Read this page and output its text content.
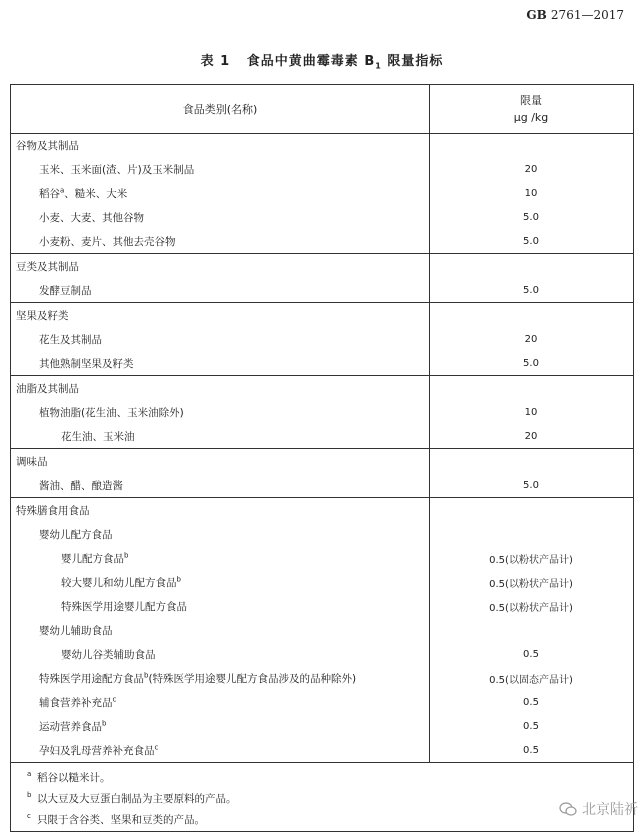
GB 2761—2017
表 1 食品中黄曲霉毒素 $B_1$ 限量指标
食品类别(名称)
限量
μg /kg
谷物及其制品
玉米、玉米面(渣、片)及玉米制品	20
稻谷$^a$、糙米、大米	10
小麦、大麦、其他谷物	5.0
小麦粉、麦片、其他去壳谷物	5.0
豆类及其制品
发酵豆制品	5.0
坚果及籽类
花生及其制品	20
其他熟制坚果及籽类	5.0
油脂及其制品
植物油脂(花生油、玉米油除外)	10
花生油、玉米油	20
调味品
酱油、醋、酿造酱	5.0
特殊膳食用食品
婴幼儿配方食品
婴儿配方食品$^b$	0.5(以粉状产品计)
较大婴儿和幼儿配方食品$^b$	0.5(以粉状产品计)
特殊医学用途婴儿配方食品	0.5(以粉状产品计)
婴幼儿辅助食品
婴幼儿谷类辅助食品	0.5
特殊医学用途配方食品$^b$(特殊医学用途婴儿配方食品涉及的品种除外)	0.5(以固态产品计)
辅食营养补充品$^c$	0.5
运动营养食品$^b$	0.5
孕妇及乳母营养补充食品$^c$	0.5
a 稻谷以糙米计。
b 以大豆及大豆蛋白制品为主要原料的产品。
c 只限于含谷类、坚果和豆类的产品。
北京陆祈
